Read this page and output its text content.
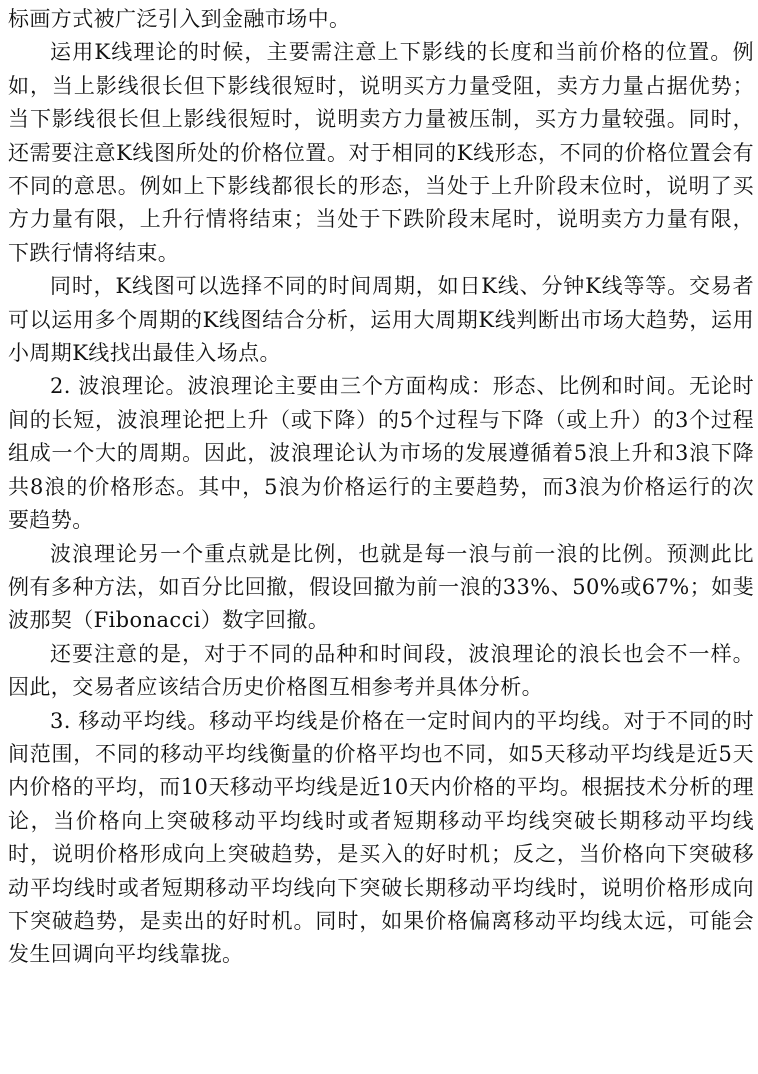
标画方式被广泛引入到金融市场中。

运用K线理论的时候，主要需注意上下影线的长度和当前价格的位置。例如，当上影线很长但下影线很短时，说明买方力量受阻，卖方力量占据优势；当下影线很长但上影线很短时，说明卖方力量被压制，买方力量较强。同时，还需要注意K线图所处的价格位置。对于相同的K线形态，不同的价格位置会有不同的意思。例如上下影线都很长的形态，当处于上升阶段末位时，说明了买方力量有限，上升行情将结束；当处于下跌阶段末尾时，说明卖方力量有限，下跌行情将结束。

同时，K线图可以选择不同的时间周期，如日K线、分钟K线等等。交易者可以运用多个周期的K线图结合分析，运用大周期K线判断出市场大趋势，运用小周期K线找出最佳入场点。

2. 波浪理论。波浪理论主要由三个方面构成：形态、比例和时间。无论时间的长短，波浪理论把上升（或下降）的5个过程与下降（或上升）的3个过程组成一个大的周期。因此，波浪理论认为市场的发展遵循着5浪上升和3浪下降共8浪的价格形态。其中，5浪为价格运行的主要趋势，而3浪为价格运行的次要趋势。

波浪理论另一个重点就是比例，也就是每一浪与前一浪的比例。预测此比例有多种方法，如百分比回撤，假设回撤为前一浪的33%、50%或67%；如斐波那契（Fibonacci）数字回撤。

还要注意的是，对于不同的品种和时间段，波浪理论的浪长也会不一样。因此，交易者应该结合历史价格图互相参考并具体分析。

3. 移动平均线。移动平均线是价格在一定时间内的平均线。对于不同的时间范围，不同的移动平均线衡量的价格平均也不同，如5天移动平均线是近5天内价格的平均，而10天移动平均线是近10天内价格的平均。根据技术分析的理论，当价格向上突破移动平均线时或者短期移动平均线突破长期移动平均线时，说明价格形成向上突破趋势，是买入的好时机；反之，当价格向下突破移动平均线时或者短期移动平均线向下突破长期移动平均线时，说明价格形成向下突破趋势，是卖出的好时机。同时，如果价格偏离移动平均线太远，可能会发生回调向平均线靠拢。
